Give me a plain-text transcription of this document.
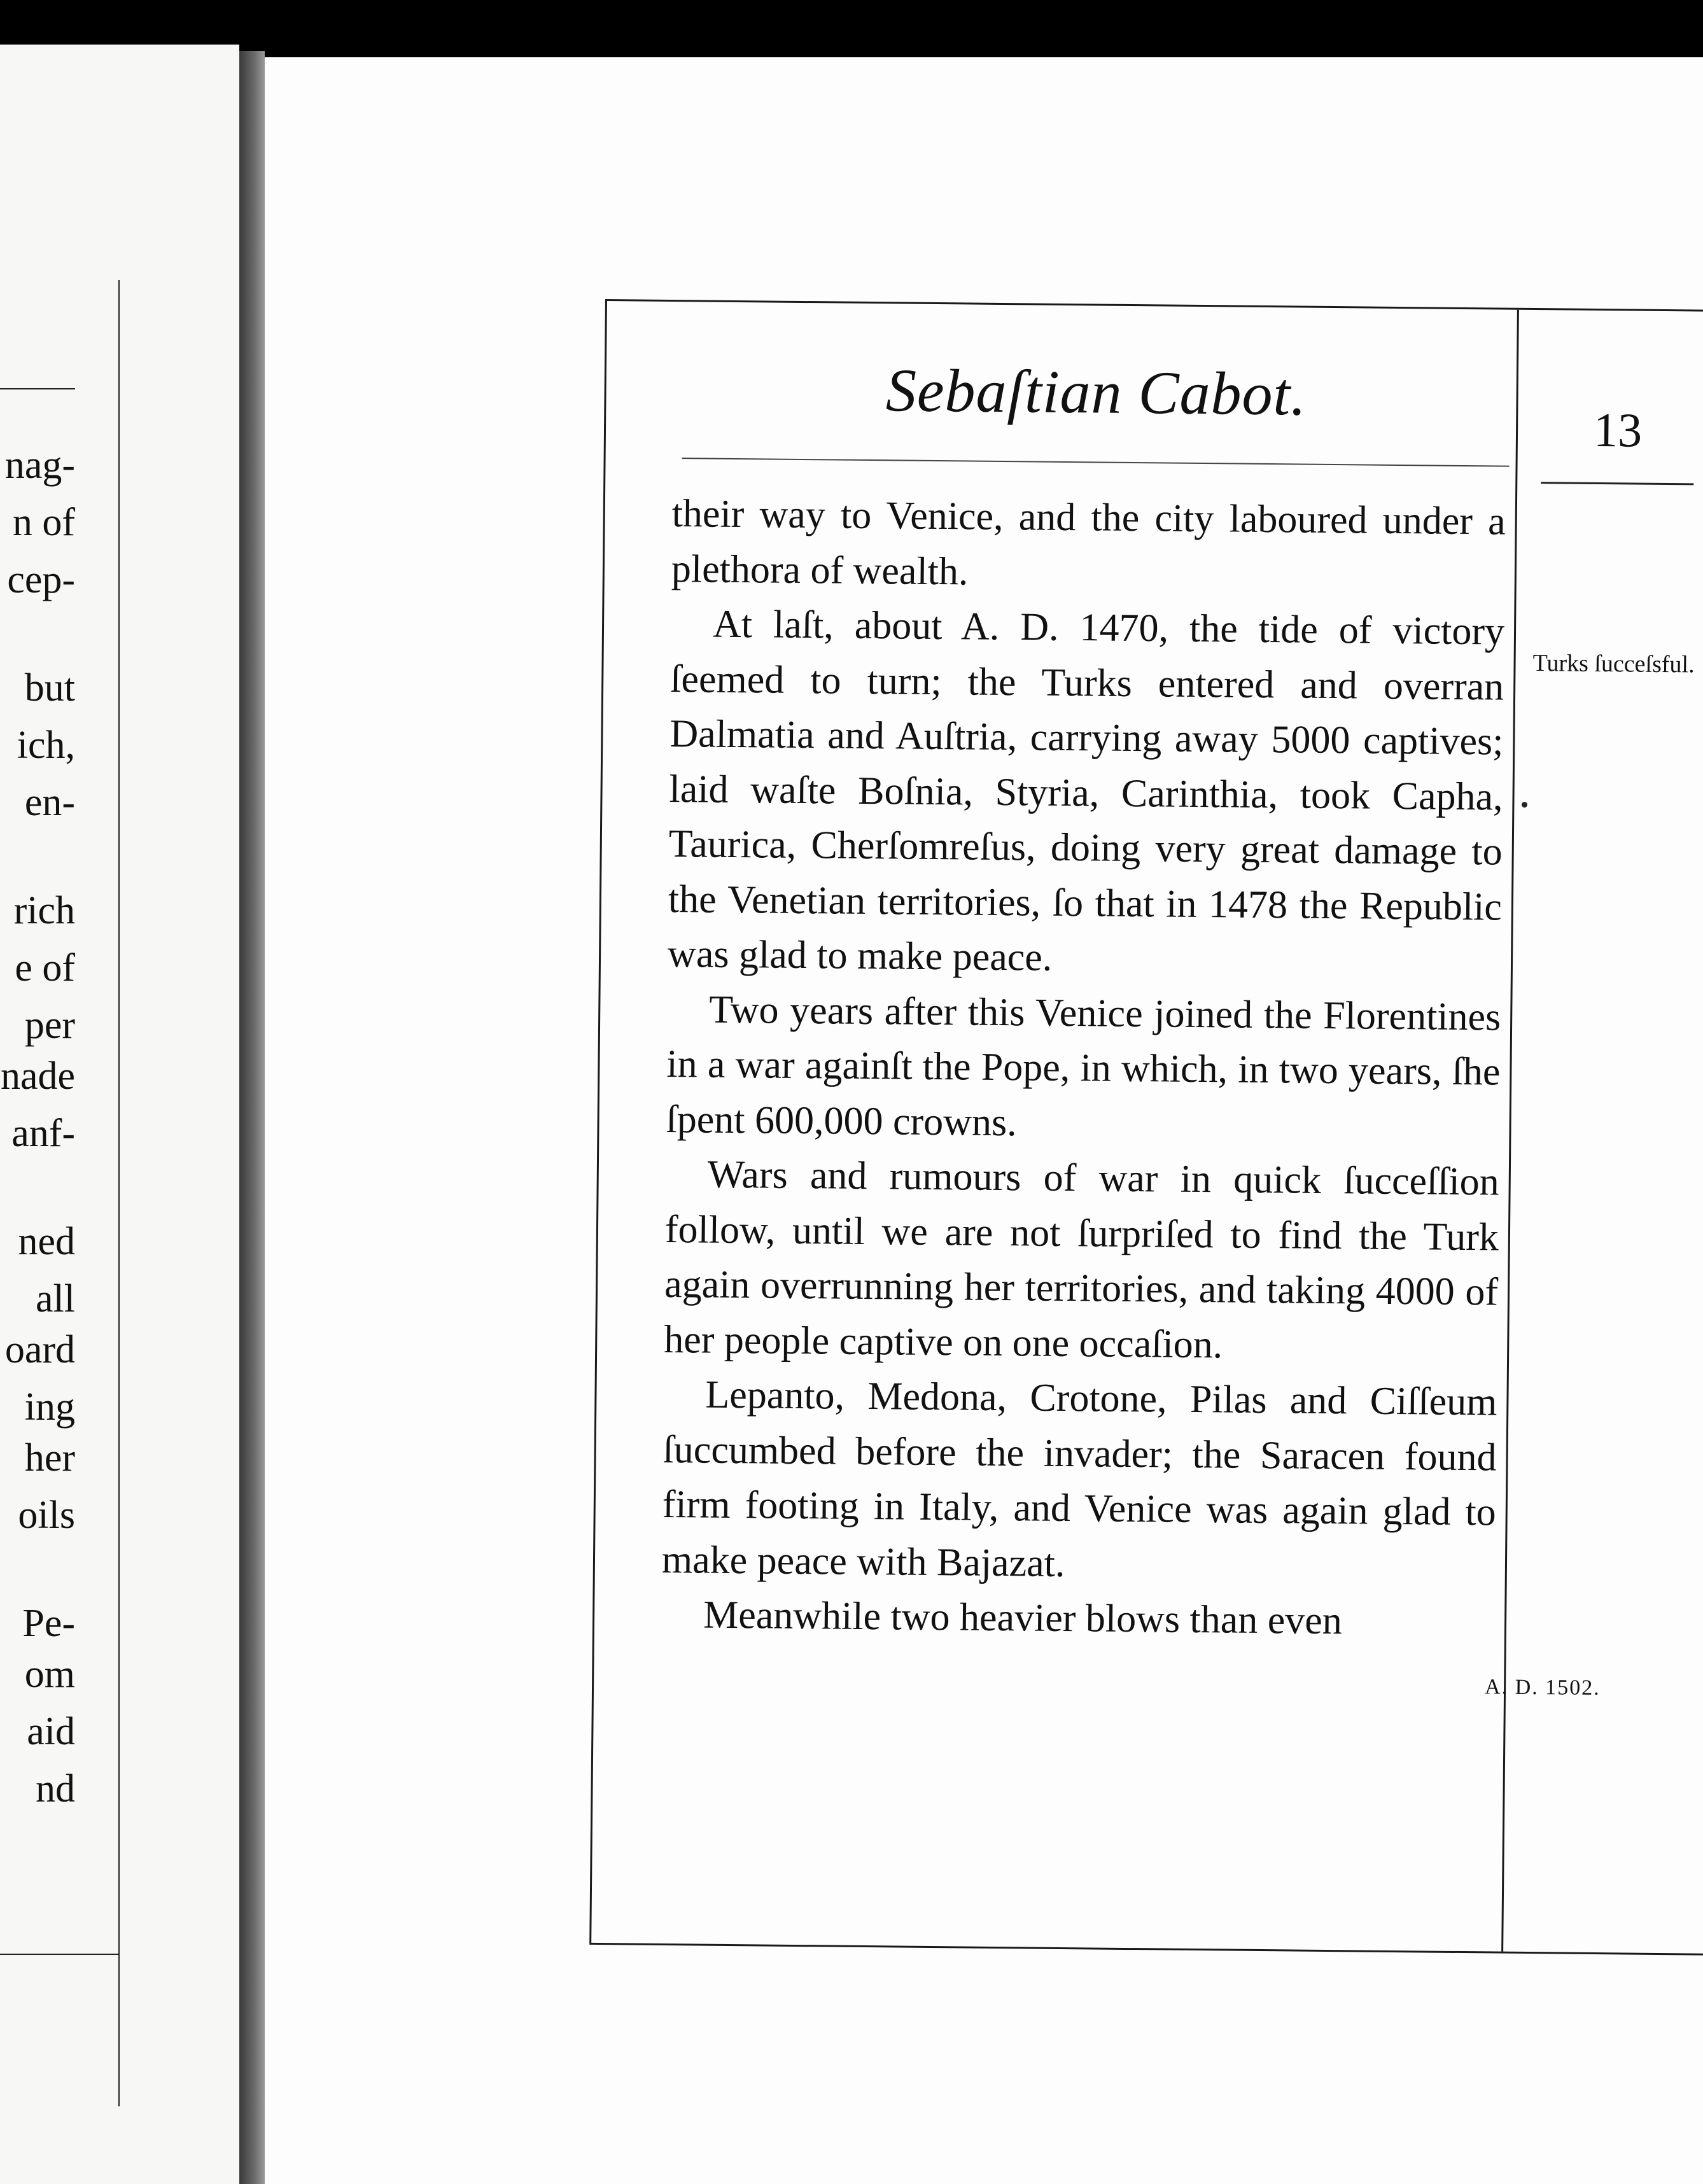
nag-
n of
cep-
but
ich,
en-
rich
e of
per
nade
anf-
ned
all
oard
ing
her
oils
Pe-
om
aid
nd
Sebaſtian Cabot.
13

their way to Venice, and the city laboured under a plethora of wealth.

At laſt, about A. D. 1470, the tide of victory ſeemed to turn; the Turks entered and overran Dalmatia and Auſtria, carrying away 5000 captives; laid waſte Boſnia, Styria, Carinthia, took Capha, Taurica, Cherſomreſus, doing very great damage to the Venetian territories, ſo that in 1478 the Republic was glad to make peace.

Two years after this Venice joined the Florentines in a war againſt the Pope, in which, in two years, ſhe ſpent 600,000 crowns.

Wars and rumours of war in quick ſucceſſion follow, until we are not ſurpriſed to find the Turk again overrunning her territories, and taking 4000 of her people captive on one occaſion.

Lepanto, Medona, Crotone, Pilas and Ciſſeum ſuccumbed before the invader; the Saracen found firm footing in Italy, and Venice was again glad to make peace with Bajazat.

Meanwhile two heavier blows than even

Turks ſucceſsful.
A. D. 1502.
